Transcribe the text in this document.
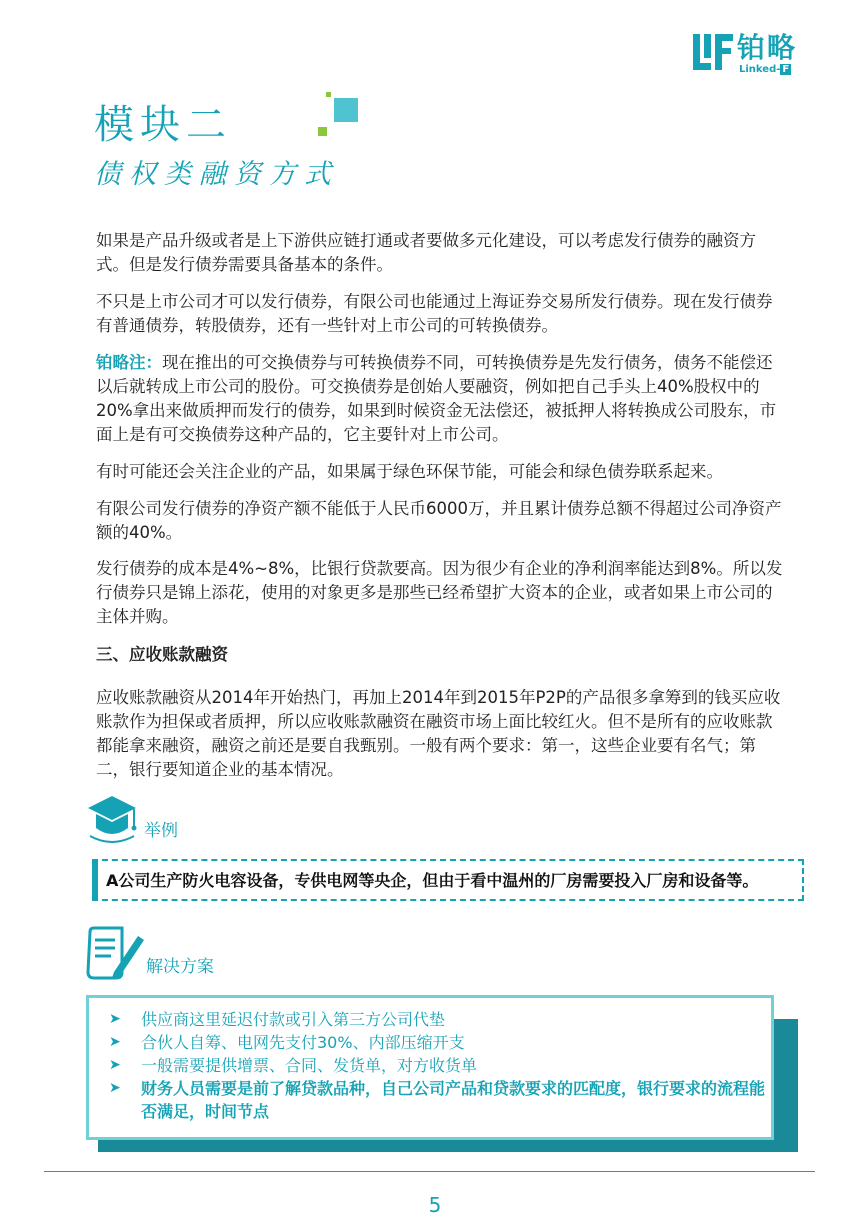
铂略
Linked- F
模块二
债权类融资方式
如果是产品升级或者是上下游供应链打通或者要做多元化建设，可以考虑发行债券的融资方式。但是发行债券需要具备基本的条件。
不只是上市公司才可以发行债券，有限公司也能通过上海证券交易所发行债券。现在发行债券有普通债券，转股债券，还有一些针对上市公司的可转换债券。
铂略注：现在推出的可交换债券与可转换债券不同，可转换债券是先发行债务，债务不能偿还以后就转成上市公司的股份。可交换债券是创始人要融资，例如把自己手头上40%股权中的20%拿出来做质押而发行的债券，如果到时候资金无法偿还，被抵押人将转换成公司股东，市面上是有可交换债券这种产品的，它主要针对上市公司。
有时可能还会关注企业的产品，如果属于绿色环保节能，可能会和绿色债券联系起来。
有限公司发行债券的净资产额不能低于人民币6000万，并且累计债券总额不得超过公司净资产额的40%。
发行债券的成本是4%~8%，比银行贷款要高。因为很少有企业的净利润率能达到8%。所以发行债券只是锦上添花，使用的对象更多是那些已经希望扩大资本的企业，或者如果上市公司的主体并购。
三、应收账款融资
应收账款融资从2014年开始热门，再加上2014年到2015年P2P的产品很多拿筹到的钱买应收账款作为担保或者质押，所以应收账款融资在融资市场上面比较红火。但不是所有的应收账款都能拿来融资，融资之前还是要自我甄别。一般有两个要求：第一，这些企业要有名气；第二，银行要知道企业的基本情况。
举例
A公司生产防火电容设备，专供电网等央企，但由于看中温州的厂房需要投入厂房和设备等。
解决方案
➤ 供应商这里延迟付款或引入第三方公司代垫
➤ 合伙人自筹、电网先支付30%、内部压缩开支
➤ 一般需要提供增票、合同、发货单，对方收货单
➤ 财务人员需要是前了解贷款品种，自己公司产品和贷款要求的匹配度，银行要求的流程能否满足，时间节点
5
